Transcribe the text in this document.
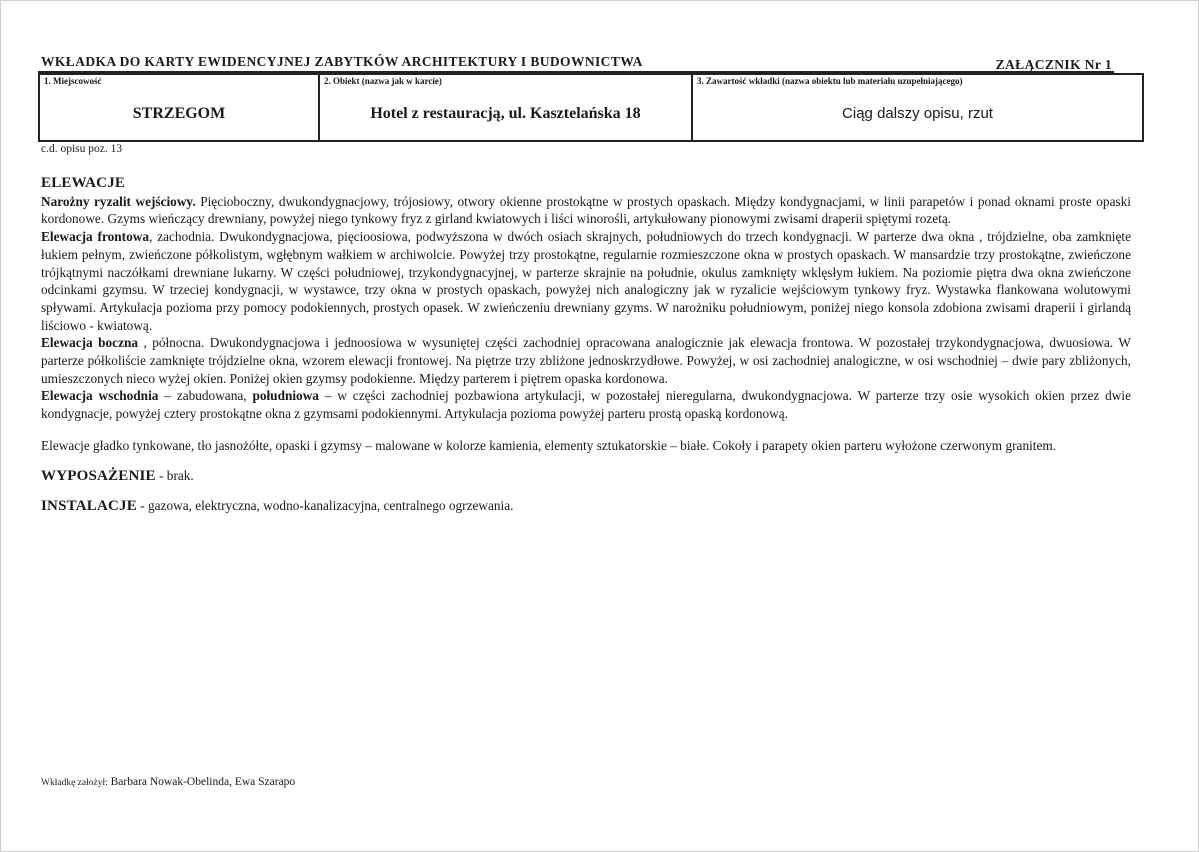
WKŁADKA DO KARTY EWIDENCYJNEJ ZABYTKÓW ARCHITEKTURY I BUDOWNICTWA	ZAŁĄCZNIK Nr 1
1. Miejscowość
STRZEGOM

2. Obiekt (nazwa jak w karcie)
Hotel z restauracją, ul. Kasztelańska 18

3. Zawartość wkładki (nazwa obiektu lub materiału uzupełniającego)
Ciąg dalszy opisu, rzut
c.d. opisu poz. 13

ELEWACJE

Narożny ryzalit wejściowy. Pięcioboczny, dwukondygnacjowy, trójosiowy, otwory okienne prostokątne w prostych opaskach. Między kondygnacjami, w linii parapetów i ponad oknami proste opaski kordonowe. Gzyms wieńczący drewniany, powyżej niego tynkowy fryz z girland kwiatowych i liści winorośli, artykułowany pionowymi zwisami draperii spiętymi rozetą.

Elewacja frontowa, zachodnia. Dwukondygnacjowa, pięcioosiowa, podwyższona w dwóch osiach skrajnych, południowych do trzech kondygnacji. W parterze dwa okna , trójdzielne, oba zamknięte łukiem pełnym, zwieńczone półkolistym, wgłębnym wałkiem w archiwolcie. Powyżej trzy prostokątne, regularnie rozmieszczone okna w prostych opaskach. W mansardzie trzy prostokątne, zwieńczone trójkątnymi naczółkami drewniane lukarny. W części południowej, trzykondygnacyjnej, w parterze skrajnie na południe, okulus zamknięty wklęsłym łukiem. Na poziomie piętra dwa okna zwieńczone odcinkami gzymsu. W trzeciej kondygnacji, w wystawce, trzy okna w prostych opaskach, powyżej nich analogiczny jak w ryzalicie wejściowym tynkowy fryz. Wystawka flankowana wolutowymi spływami. Artykulacja pozioma przy pomocy podokiennych, prostych opasek. W zwieńczeniu drewniany gzyms. W narożniku południowym, poniżej niego konsola zdobiona zwisami draperii i girlandą liściowo - kwiatową.

Elewacja boczna , północna. Dwukondygnacjowa i jednoosiowa w wysuniętej części zachodniej opracowana analogicznie jak elewacja frontowa. W pozostałej trzykondygnacjowa, dwuosiowa. W parterze półkoliście zamknięte trójdzielne okna, wzorem elewacji frontowej. Na piętrze trzy zbliżone jednoskrzydłowe. Powyżej, w osi zachodniej analogiczne, w osi wschodniej – dwie pary zbliżonych, umieszczonych nieco wyżej okien. Poniżej okien gzymsy podokienne. Między parterem i piętrem opaska kordonowa.

Elewacja wschodnia – zabudowana, południowa – w części zachodniej pozbawiona artykulacji, w pozostałej nieregularna, dwukondygnacjowa. W parterze trzy osie wysokich okien przez dwie kondygnacje, powyżej cztery prostokątne okna z gzymsami podokiennymi. Artykulacja pozioma powyżej parteru prostą opaską kordonową.

Elewacje gładko tynkowane, tło jasnożółte, opaski i gzymsy – malowane w kolorze kamienia, elementy sztukatorskie – białe. Cokoły i parapety okien parteru wyłożone czerwonym granitem.

WYPOSAŻENIE - brak.

INSTALACJE - gazowa, elektryczna, wodno-kanalizacyjna, centralnego ogrzewania.

Wkładkę założył: Barbara Nowak-Obelinda, Ewa Szarapo
